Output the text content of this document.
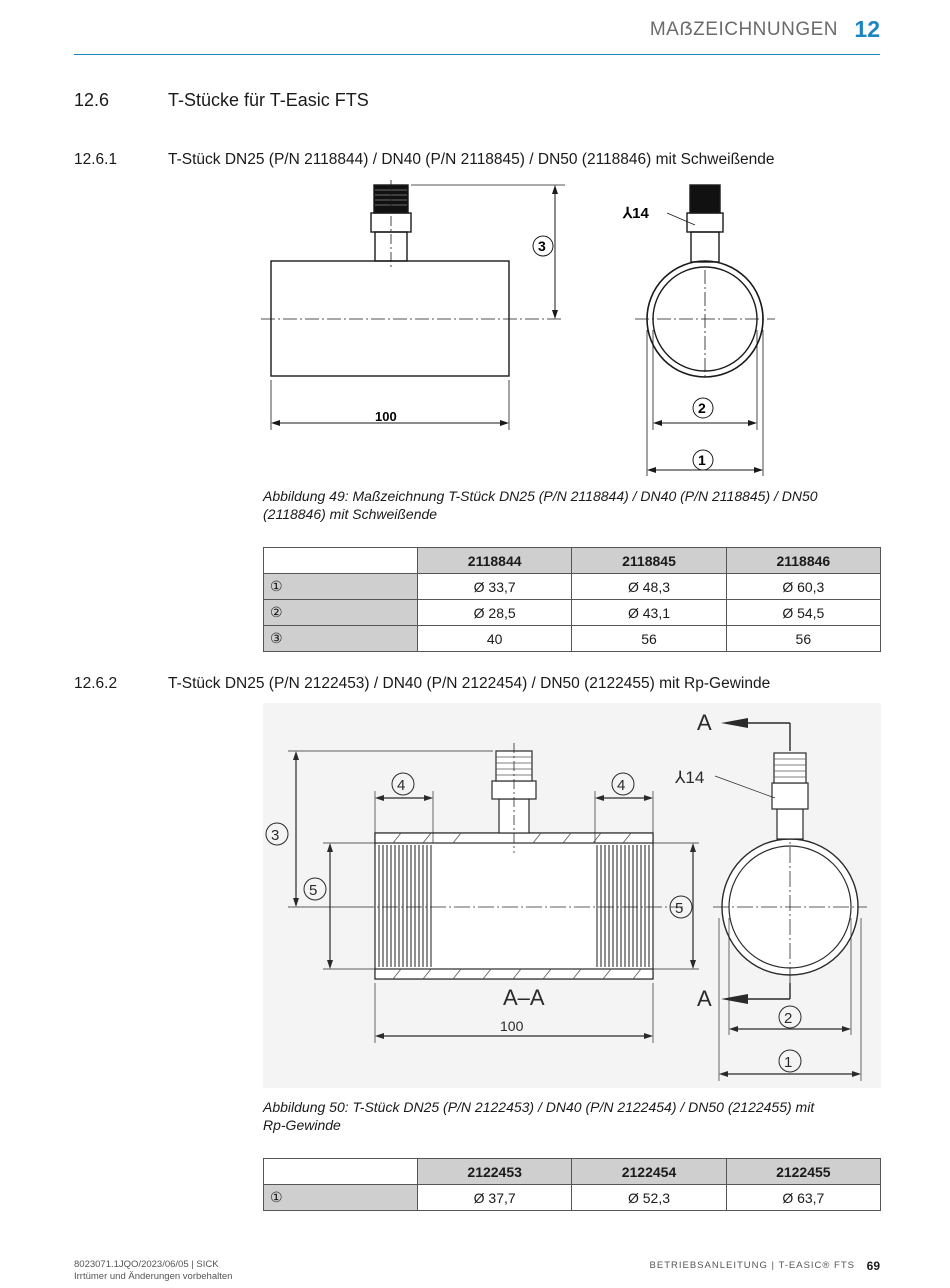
MAẞZEICHNUNGEN 12
12.6	T-Stücke für T-Easic FTS
12.6.1	T-Stück DN25 (P/N 2118844) / DN40 (P/N 2118845) / DN50 (2118846) mit Schweißende
100
⅄14
3
2
1
Abbildung 49: Maßzeichnung T-Stück DN25 (P/N 2118844) / DN40 (P/N 2118845) / DN50
(2118846) mit Schweißende
	2118844	2118845	2118846
①	Ø 33,7	Ø 48,3	Ø 60,3
②	Ø 28,5	Ø 43,1	Ø 54,5
③	40	56	56
12.6.2	T-Stück DN25 (P/N 2122453) / DN40 (P/N 2122454) / DN50 (2122455) mit Rp-Gewinde
3
5
5
4	4
2
1
100
A–A
A
A
⅄14
Abbildung 50: T-Stück DN25 (P/N 2122453) / DN40 (P/N 2122454) / DN50 (2122455) mit
Rp-Gewinde
	2122453	2122454	2122455
①	Ø 37,7	Ø 52,3	Ø 63,7
8023071.1JQO/2023/06/05 | SICK
Irrtümer und Änderungen vorbehalten
BETRIEBSANLEITUNG | T-EASIC® FTS 69
